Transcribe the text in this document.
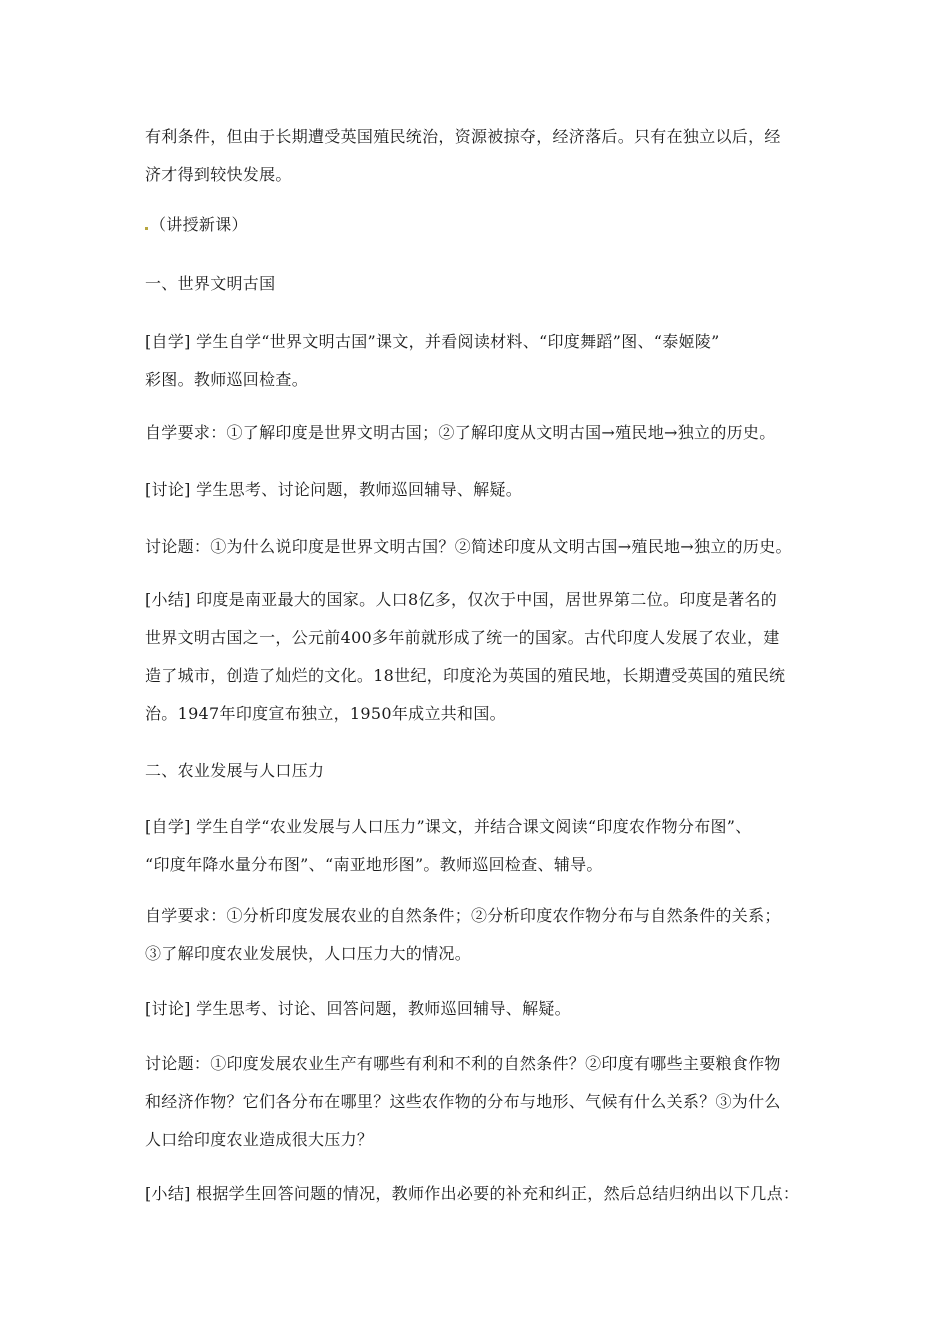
有利条件，但由于长期遭受英国殖民统治，资源被掠夺，经济落后。只有在独立以后，经
济才得到较快发展。

（讲授新课）

一、世界文明古国

[自学] 学生自学“世界文明古国”课文，并看阅读材料、“印度舞蹈”图、“泰姬陵”
彩图。教师巡回检查。

自学要求：①了解印度是世界文明古国；②了解印度从文明古国→殖民地→独立的历史。

[讨论] 学生思考、讨论问题，教师巡回辅导、解疑。

讨论题：①为什么说印度是世界文明古国？②简述印度从文明古国→殖民地→独立的历史。

[小结] 印度是南亚最大的国家。人口8亿多，仅次于中国，居世界第二位。印度是著名的
世界文明古国之一，公元前400多年前就形成了统一的国家。古代印度人发展了农业，建
造了城市，创造了灿烂的文化。18世纪，印度沦为英国的殖民地，长期遭受英国的殖民统
治。1947年印度宣布独立，1950年成立共和国。

二、农业发展与人口压力

[自学] 学生自学“农业发展与人口压力”课文，并结合课文阅读“印度农作物分布图”、
“印度年降水量分布图”、“南亚地形图”。教师巡回检查、辅导。

自学要求：①分析印度发展农业的自然条件；②分析印度农作物分布与自然条件的关系；
③了解印度农业发展快，人口压力大的情况。

[讨论] 学生思考、讨论、回答问题，教师巡回辅导、解疑。

讨论题：①印度发展农业生产有哪些有利和不利的自然条件？②印度有哪些主要粮食作物
和经济作物？它们各分布在哪里？这些农作物的分布与地形、气候有什么关系？③为什么
人口给印度农业造成很大压力？

[小结] 根据学生回答问题的情况，教师作出必要的补充和纠正，然后总结归纳出以下几点：
